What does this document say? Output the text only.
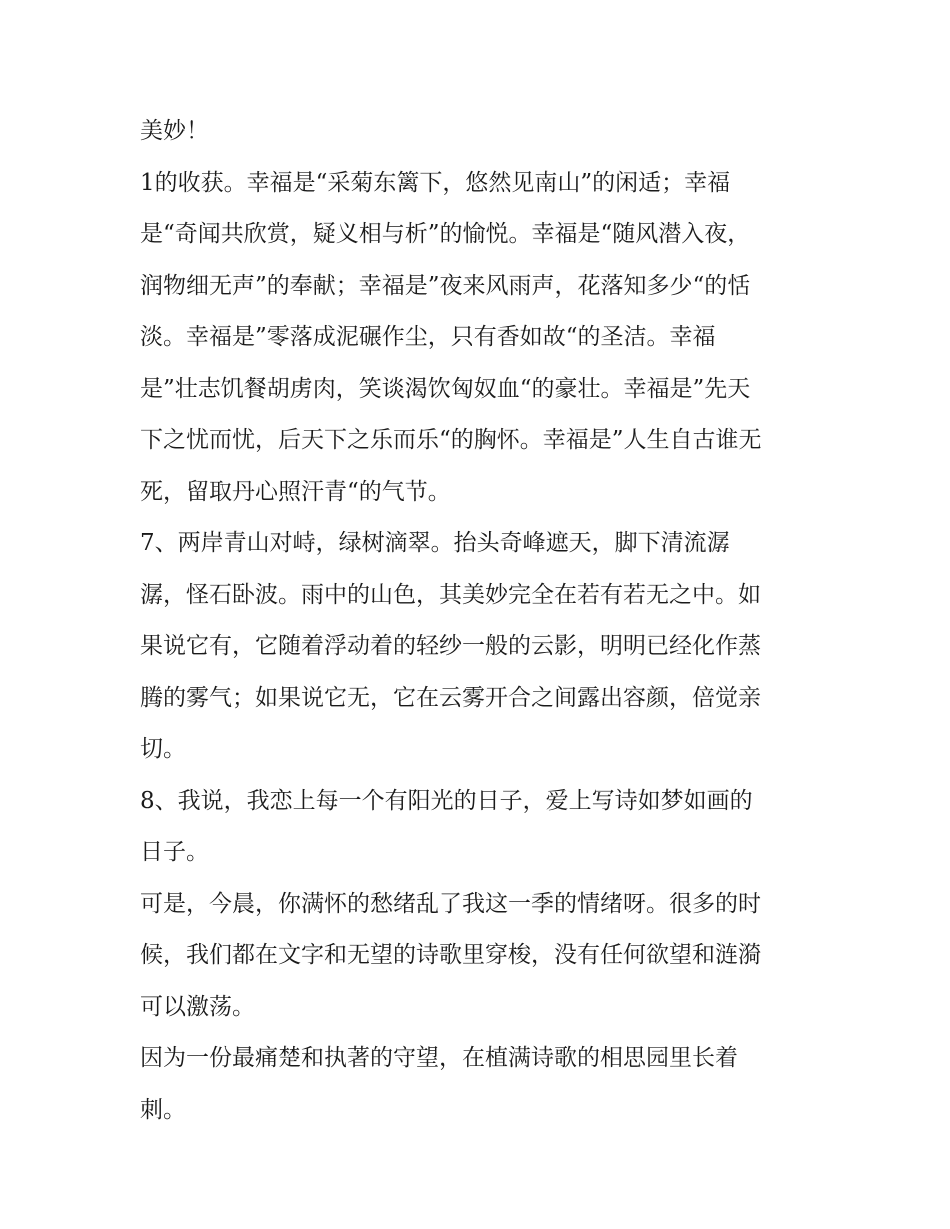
美妙！
1的收获。幸福是“采菊东篱下，悠然见南山”的闲适；幸福
是“奇闻共欣赏，疑义相与析”的愉悦。幸福是“随风潜入夜，
润物细无声”的奉献；幸福是”夜来风雨声，花落知多少“的恬
淡。幸福是”零落成泥碾作尘，只有香如故“的圣洁。幸福
是”壮志饥餐胡虏肉，笑谈渴饮匈奴血“的豪壮。幸福是”先天
下之忧而忧，后天下之乐而乐“的胸怀。幸福是”人生自古谁无
死，留取丹心照汗青“的气节。
7、两岸青山对峙，绿树滴翠。抬头奇峰遮天，脚下清流潺
潺，怪石卧波。雨中的山色，其美妙完全在若有若无之中。如
果说它有，它随着浮动着的轻纱一般的云影，明明已经化作蒸
腾的雾气；如果说它无，它在云雾开合之间露出容颜，倍觉亲
切。
8、我说，我恋上每一个有阳光的日子，爱上写诗如梦如画的
日子。
可是，今晨，你满怀的愁绪乱了我这一季的情绪呀。很多的时
候，我们都在文字和无望的诗歌里穿梭，没有任何欲望和涟漪
可以激荡。
因为一份最痛楚和执著的守望，在植满诗歌的相思园里长着
刺。
